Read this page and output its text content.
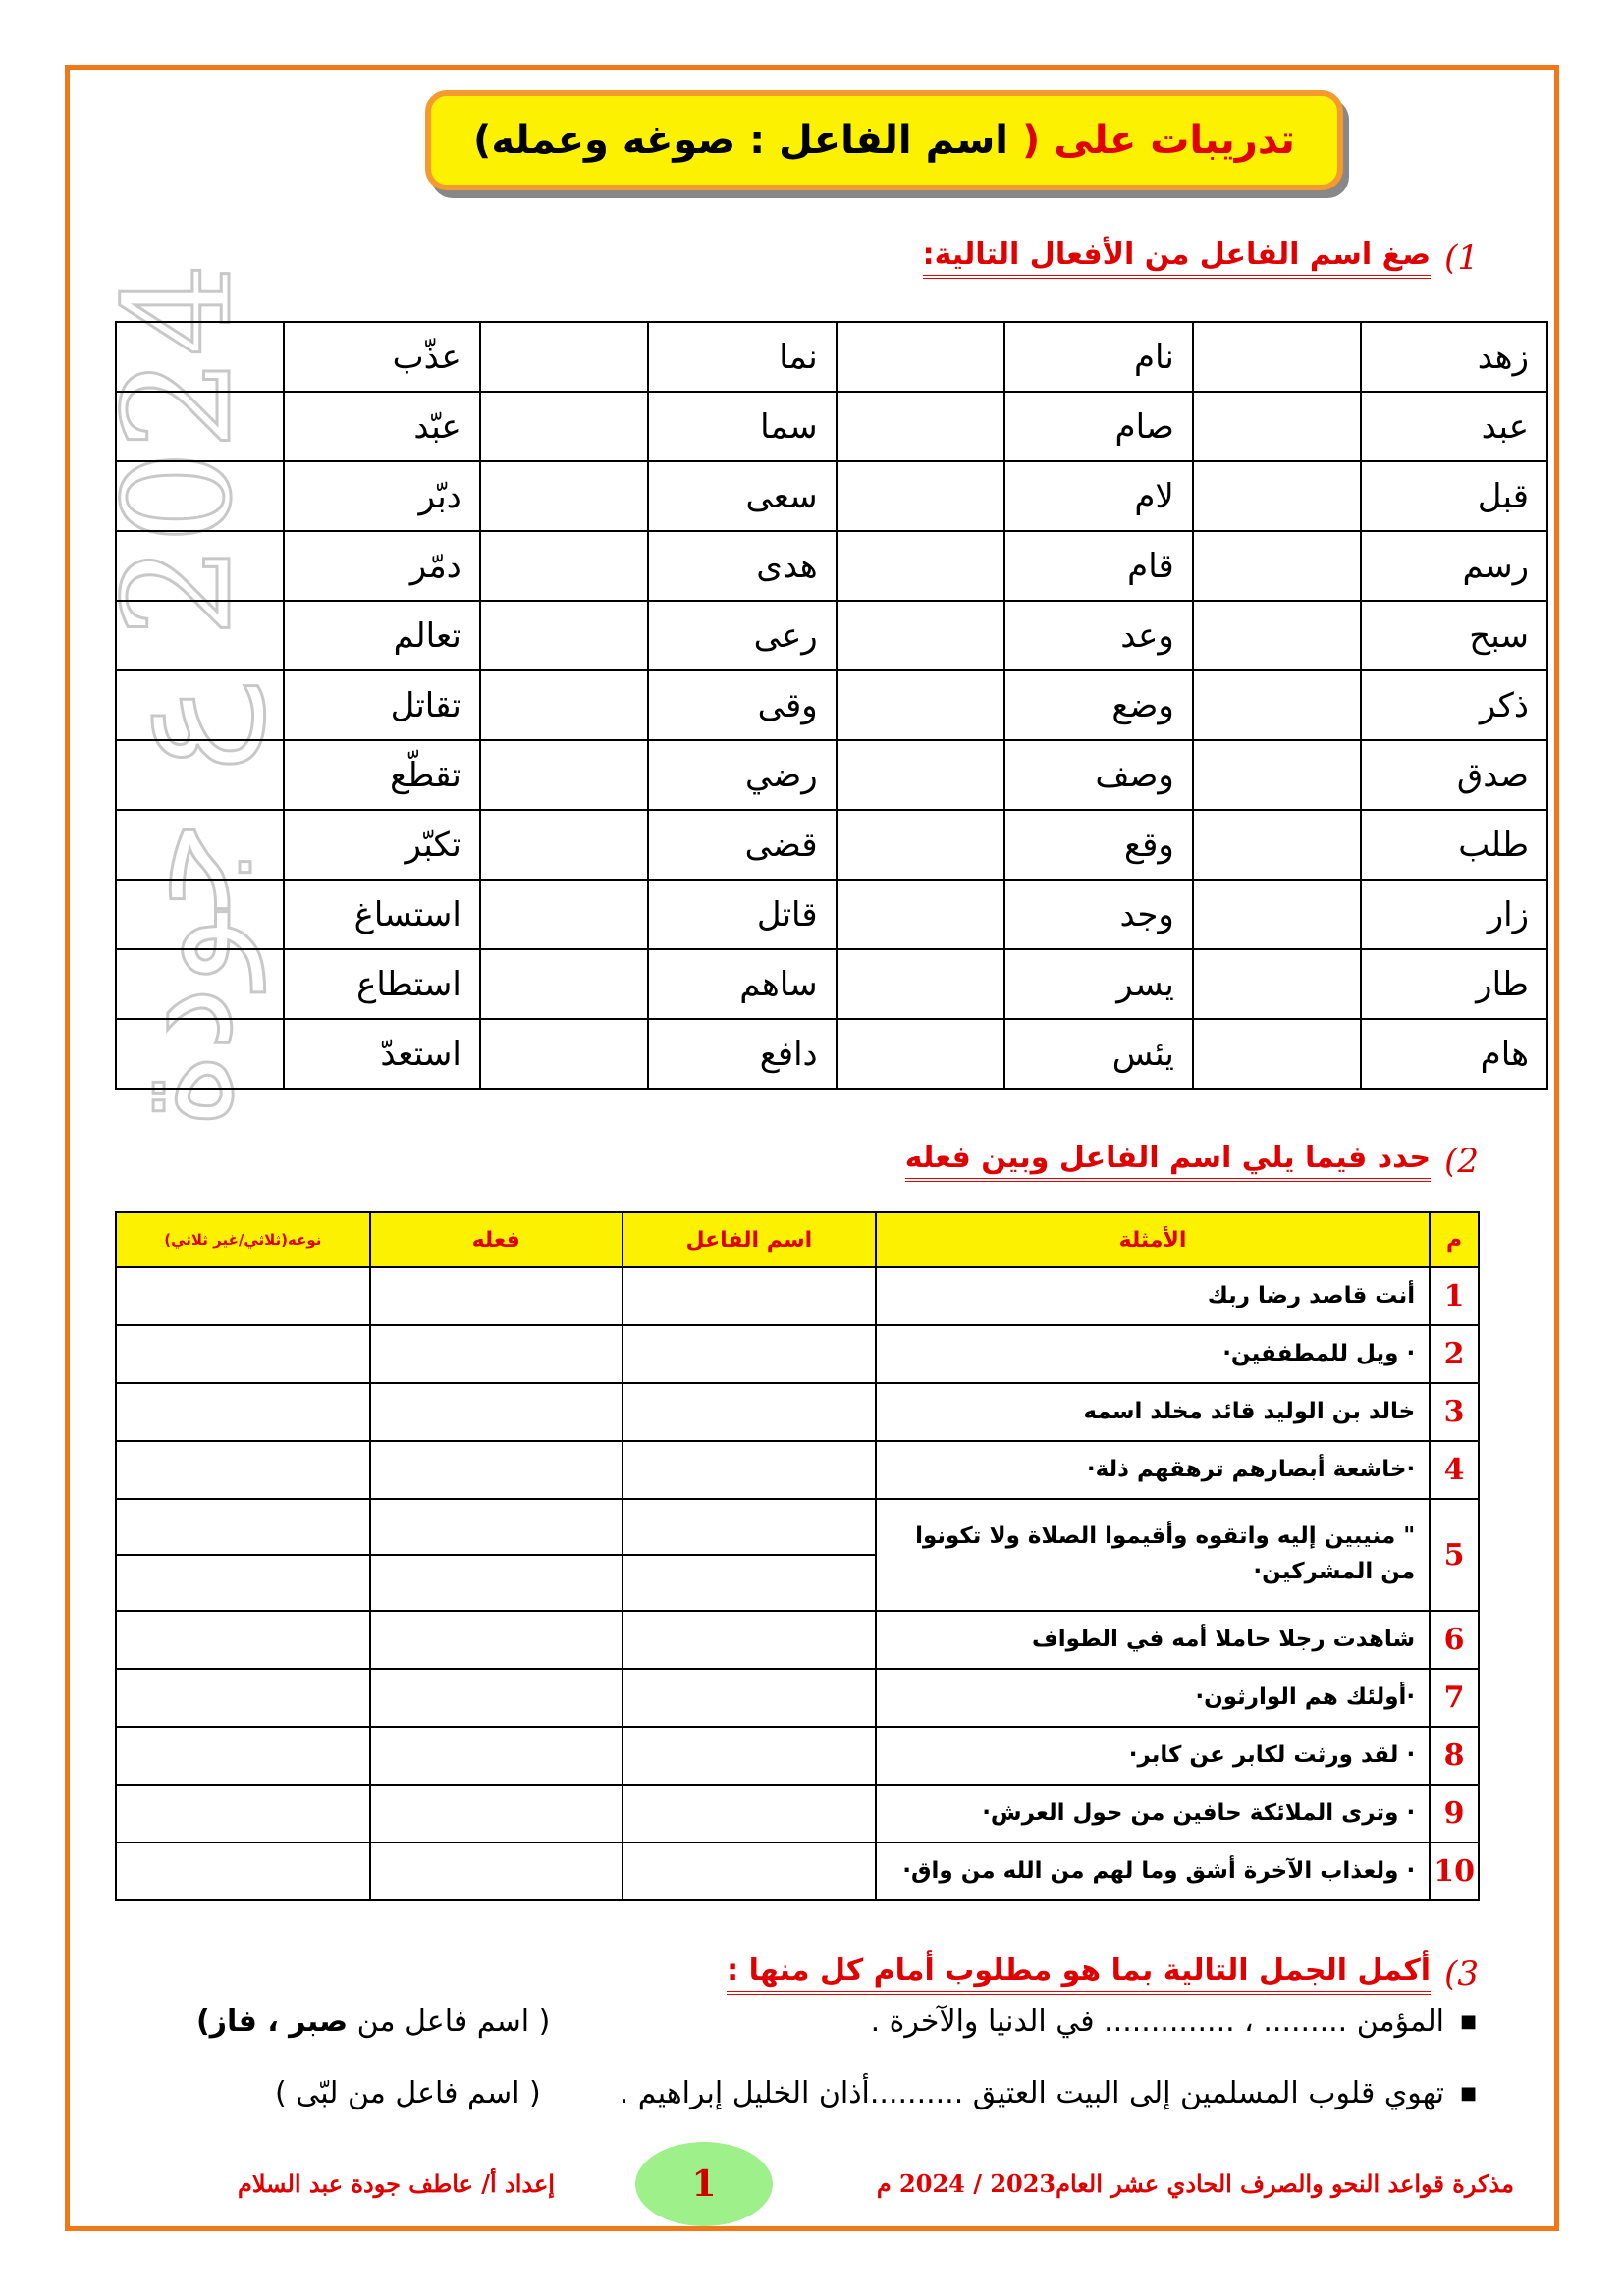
2024 ع جودة
تدريبات على (
اسم الفاعل
: صوغه وعمله)
1)
صغ اسم الفاعل من الأفعال التالية:
زهد		نام		نما		عذّب	
عبد		صام		سما		عبّد	
قبل		لام		سعى		دبّر	
رسم		قام		هدى		دمّر	
سبح		وعد		رعى		تعالم	
ذكر		وضع		وقى		تقاتل	
صدق		وصف		رضي		تقطّع	
طلب		وقع		قضى		تكبّر	
زار		وجد		قاتل		استساغ	
طار		يسر		ساهم		استطاع	
هام		يئس		دافع		استعدّ	
2)
حدد فيما يلي اسم الفاعل وبين فعله
م	الأمثلة	اسم الفاعل	فعله	نوعه(ثلاثي/غير ثلاثي)
1	أنت قاصد رضا ربك			
2	· ويل للمطففين·			
3	خالد بن الوليد قائد مخلد اسمه			
4	·خاشعة أبصارهم ترهقهم ذلة·			
5	" منيبين إليه واتقوه وأقيموا الصلاة ولا تكونوا من المشركين·			
6	شاهدت رجلا حاملا أمه في الطواف			
7	·أولئك هم الوارثون·			
8	· لقد ورثت لكابر عن كابر·			
9	· وترى الملائكة حافين من حول العرش·			
10	· ولعذاب الآخرة أشق وما لهم من الله من واق·			
3)
أكمل الجمل التالية بما هو مطلوب أمام كل منها :
■
المؤمن ......... ، .............. في الدنيا والآخرة .
( اسم فاعل من صبر ، فاز)
■
تهوي قلوب المسلمين إلى البيت العتيق ..........أذان الخليل إبراهيم .
( اسم فاعل من لبّى )
مذكرة قواعد النحو والصرف الحادي عشر العام2023 / 2024 م
1
إعداد أ/ عاطف جودة عبد السلام
